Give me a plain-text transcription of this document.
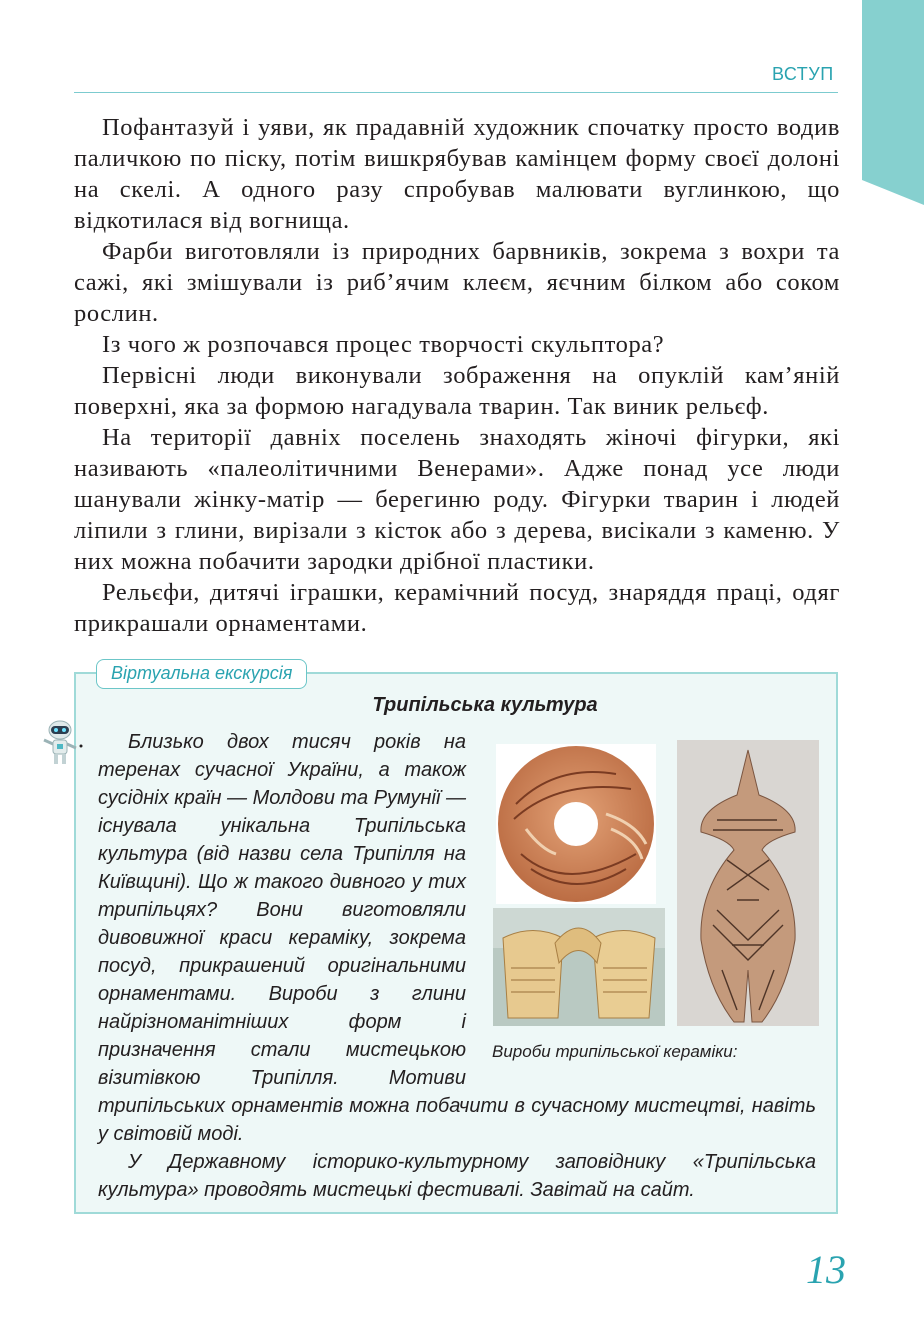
ВСТУП

Пофантазуй і уяви, як прадавній художник спочатку просто водив паличкою по піску, потім вишкрябував камінцем форму своєї долоні на скелі. А одного разу спробував малювати вуглинкою, що відкотилася від вогнища.

Фарби виготовляли із природних барвників, зокрема з вохри та сажі, які змішували із риб’ячим клеєм, яєчним білком або соком рослин.

Із чого ж розпочався процес творчості скульптора?

Первісні люди виконували зображення на опуклій кам’яній поверхні, яка за формою нагадувала тварин. Так виник рельєф.

На території давніх поселень знаходять жіночі фігурки, які називають «палеолітичними Венерами». Адже понад усе люди шанували жінку-матір — берегиню роду. Фігурки тварин і людей ліпили з глини, вирізали з кісток або з дерева, висікали з каменю. У них можна побачити зародки дрібної пластики.

Рельєфи, дитячі іграшки, керамічний посуд, знаряддя праці, одяг прикрашали орнаментами.

Віртуальна екскурсія
Трипільська культура
Вироби трипільської кераміки:

Близько двох тисяч років на теренах сучасної України, а також сусідніх країн — Молдови та Румунії — існувала унікальна Трипільська культура (від назви села Трипілля на Київщині). Що ж такого дивного у тих трипільцях? Вони виготовляли дивовижної краси кераміку, зокрема посуд, прикрашений оригінальними орнаментами. Вироби з глини найрізноманітніших форм і призначення стали мистецькою візитівкою Трипілля. Мотиви трипільських орнаментів можна побачити в сучасному мистецтві, навіть у світовій моді.

У Державному історико-культурному заповіднику «Трипільська культура» проводять мистецькі фестивалі. Завітай на сайт.

13
